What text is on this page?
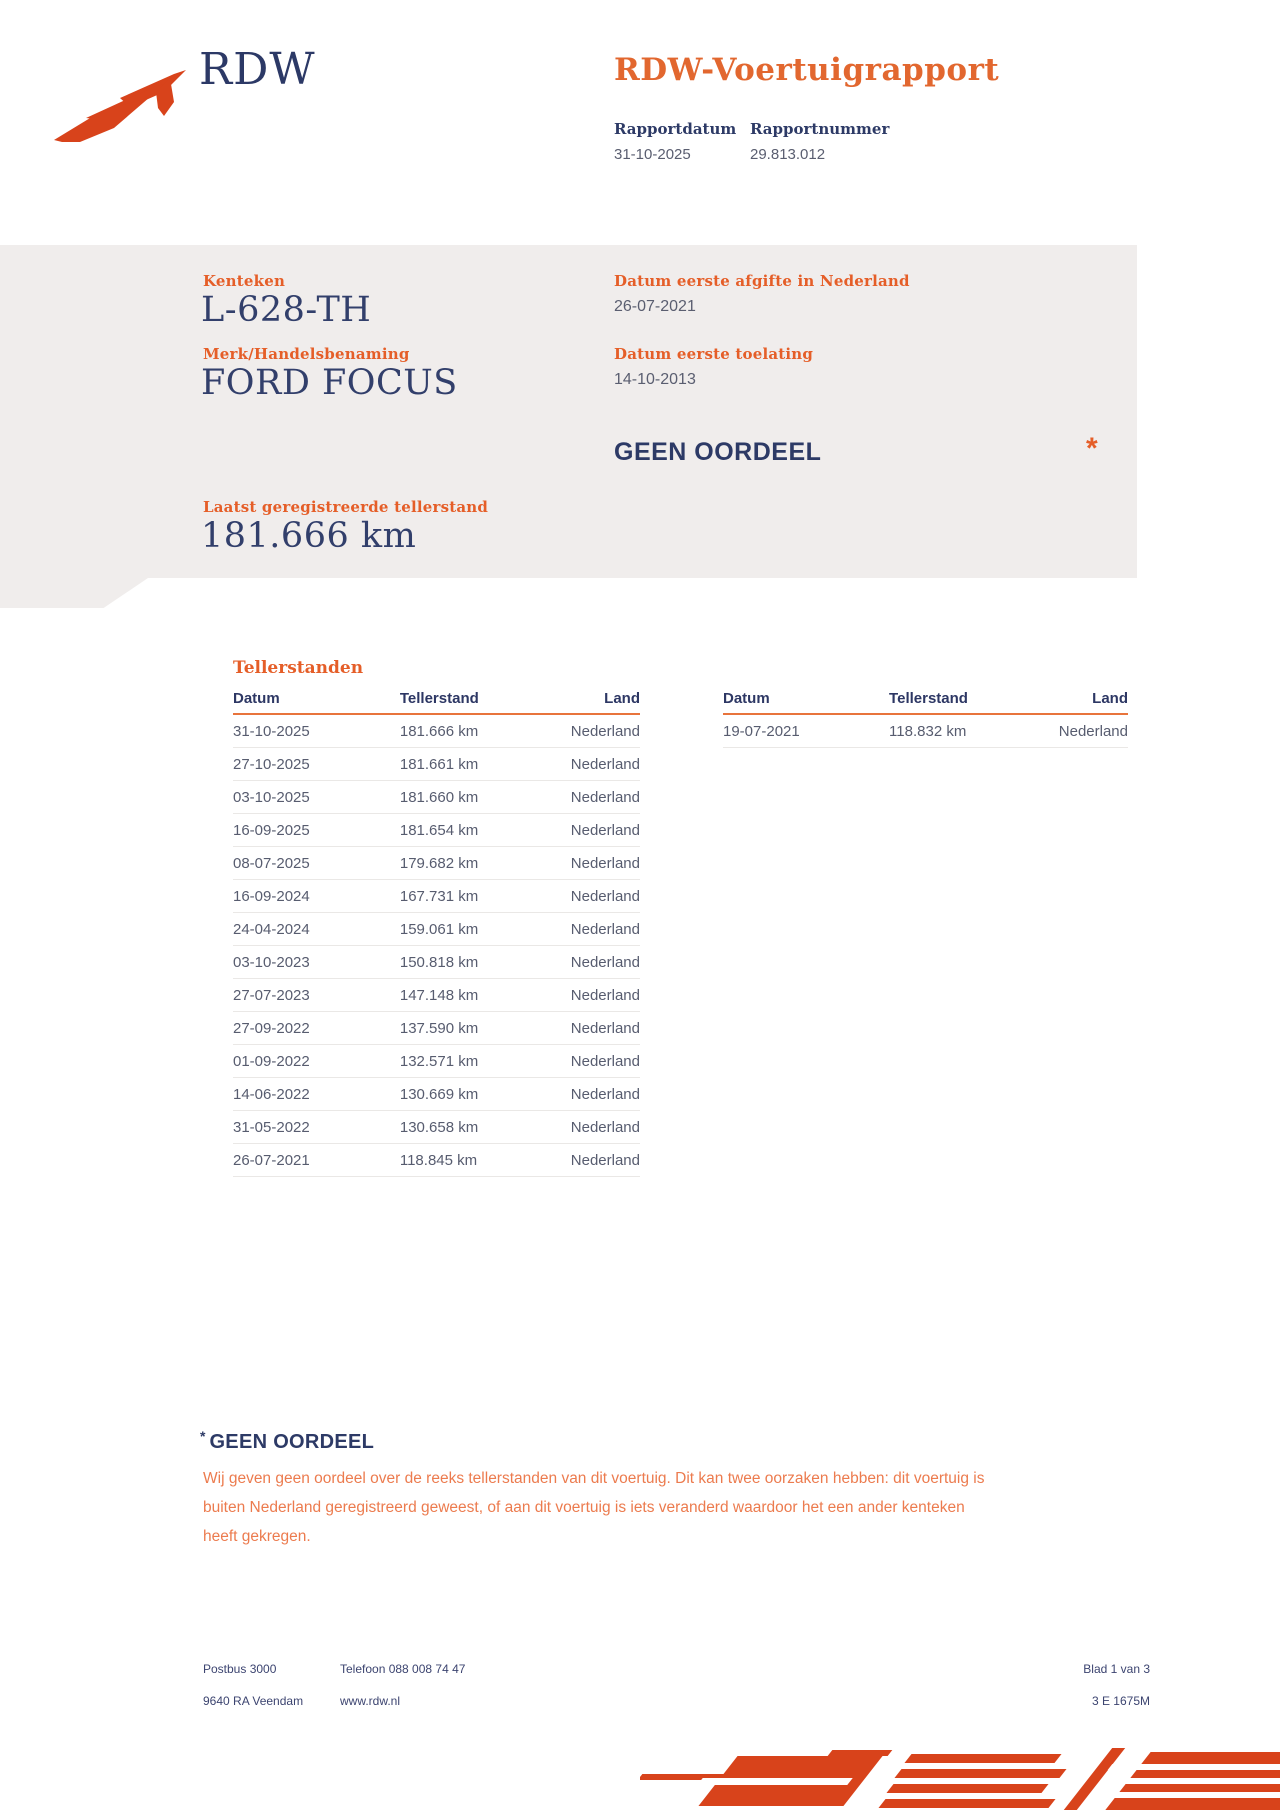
RDW	RDW-Voertuigrapport
Rapportdatum Rapportnummer
31-10-2025	29.813.012
Kenteken
L-628-TH
Merk/Handelsbenaming
FORD FOCUS
Datum eerste afgifte in Nederland
26-07-2021
Datum eerste toelating
14-10-2013
GEEN OORDEEL	*
Laatst geregistreerde tellerstand
181.666 km
Tellerstanden
Datum	Tellerstand	Land
31-10-2025	181.666 km	Nederland
27-10-2025	181.661 km	Nederland
03-10-2025	181.660 km	Nederland
16-09-2025	181.654 km	Nederland
08-07-2025	179.682 km	Nederland
16-09-2024	167.731 km	Nederland
24-04-2024	159.061 km	Nederland
03-10-2023	150.818 km	Nederland
27-07-2023	147.148 km	Nederland
27-09-2022	137.590 km	Nederland
01-09-2022	132.571 km	Nederland
14-06-2022	130.669 km	Nederland
31-05-2022	130.658 km	Nederland
26-07-2021	118.845 km	Nederland
Datum	Tellerstand	Land
19-07-2021	118.832 km	Nederland
* GEEN OORDEEL
Wij geven geen oordeel over de reeks tellerstanden van dit voertuig. Dit kan twee oorzaken hebben: dit voertuig is buiten Nederland geregistreerd geweest, of aan dit voertuig is iets veranderd waardoor het een ander kenteken heeft gekregen.
Postbus 3000
9640 RA Veendam
Telefoon 088 008 74 47
www.rdw.nl
Blad 1 van 3
3 E 1675M
